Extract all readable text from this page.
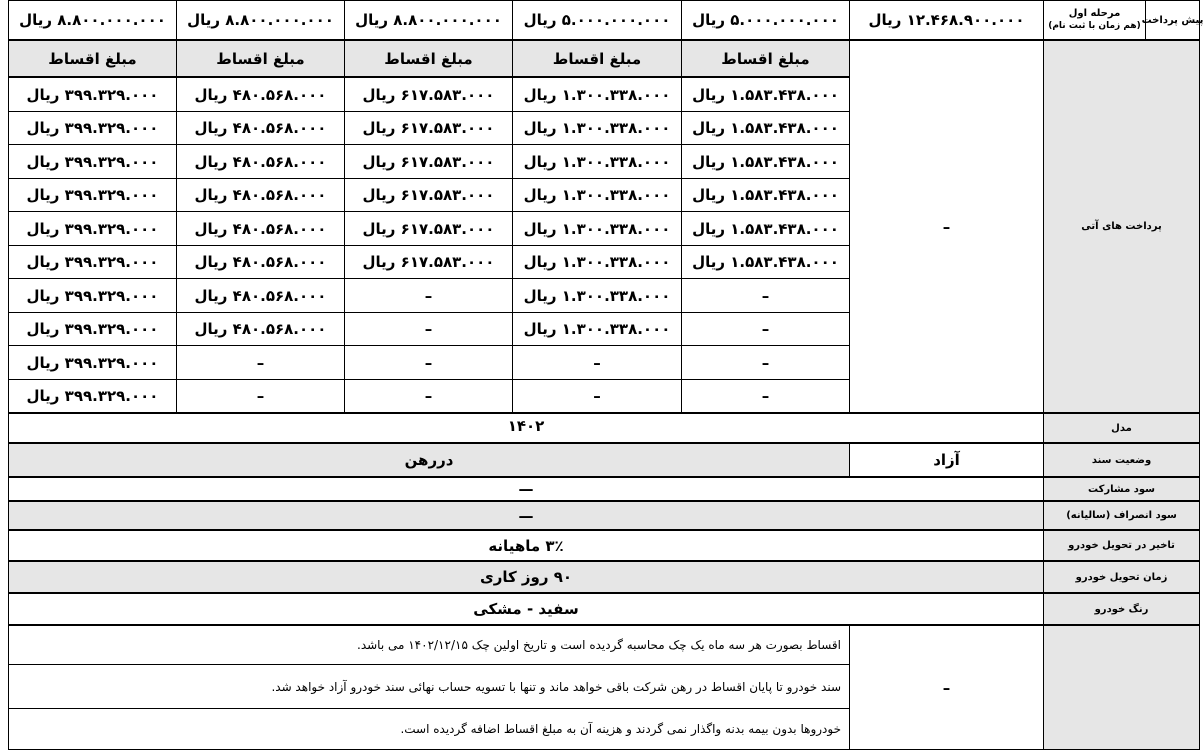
پیش پرداخت
مرحله اول
(هم زمان با ثبت نام)
۱۲.۴۶۸.۹۰۰.۰۰۰ ریال
۵.۰۰۰.۰۰۰.۰۰۰ ریال
۵.۰۰۰.۰۰۰.۰۰۰ ریال
۸.۸۰۰.۰۰۰.۰۰۰ ریال
۸.۸۰۰.۰۰۰.۰۰۰ ریال
۸.۸۰۰.۰۰۰.۰۰۰ ریال
پرداخت های آتی
–
مبلغ اقساط
۱.۵۸۳.۴۳۸.۰۰۰ ریال
۱.۵۸۳.۴۳۸.۰۰۰ ریال
۱.۵۸۳.۴۳۸.۰۰۰ ریال
۱.۵۸۳.۴۳۸.۰۰۰ ریال
۱.۵۸۳.۴۳۸.۰۰۰ ریال
۱.۵۸۳.۴۳۸.۰۰۰ ریال
–
–
–
–
مبلغ اقساط
۱.۳۰۰.۳۳۸.۰۰۰ ریال
۱.۳۰۰.۳۳۸.۰۰۰ ریال
۱.۳۰۰.۳۳۸.۰۰۰ ریال
۱.۳۰۰.۳۳۸.۰۰۰ ریال
۱.۳۰۰.۳۳۸.۰۰۰ ریال
۱.۳۰۰.۳۳۸.۰۰۰ ریال
۱.۳۰۰.۳۳۸.۰۰۰ ریال
۱.۳۰۰.۳۳۸.۰۰۰ ریال
–
–
مبلغ اقساط
۶۱۷.۵۸۳.۰۰۰ ریال
۶۱۷.۵۸۳.۰۰۰ ریال
۶۱۷.۵۸۳.۰۰۰ ریال
۶۱۷.۵۸۳.۰۰۰ ریال
۶۱۷.۵۸۳.۰۰۰ ریال
۶۱۷.۵۸۳.۰۰۰ ریال
–
–
–
–
مبلغ اقساط
۴۸۰.۵۶۸.۰۰۰ ریال
۴۸۰.۵۶۸.۰۰۰ ریال
۴۸۰.۵۶۸.۰۰۰ ریال
۴۸۰.۵۶۸.۰۰۰ ریال
۴۸۰.۵۶۸.۰۰۰ ریال
۴۸۰.۵۶۸.۰۰۰ ریال
۴۸۰.۵۶۸.۰۰۰ ریال
۴۸۰.۵۶۸.۰۰۰ ریال
–
–
مبلغ اقساط
۳۹۹.۳۲۹.۰۰۰ ریال
۳۹۹.۳۲۹.۰۰۰ ریال
۳۹۹.۳۲۹.۰۰۰ ریال
۳۹۹.۳۲۹.۰۰۰ ریال
۳۹۹.۳۲۹.۰۰۰ ریال
۳۹۹.۳۲۹.۰۰۰ ریال
۳۹۹.۳۲۹.۰۰۰ ریال
۳۹۹.۳۲۹.۰۰۰ ریال
۳۹۹.۳۲۹.۰۰۰ ریال
۳۹۹.۳۲۹.۰۰۰ ریال
مدل
۱۴۰۲
وضعیت سند
آزاد
دررهن
سود مشارکت
—
سود انصراف (سالیانه)
—
تاخیر در تحویل خودرو
۳٪ ماهیانه
زمان تحویل خودرو
۹۰ روز کاری
رنگ خودرو
سفید - مشکی
–
اقساط بصورت هر سه ماه یک چک محاسبه گردیده است و تاریخ اولین چک ۱۴۰۲/۱۲/۱۵ می باشد.
سند خودرو تا پایان اقساط در رهن شرکت باقی خواهد ماند و تنها با تسویه حساب نهائی سند خودرو آزاد خواهد شد.
خودروها بدون بیمه بدنه واگذار نمی گردند و هزینه آن به مبلغ اقساط اضافه گردیده است.
